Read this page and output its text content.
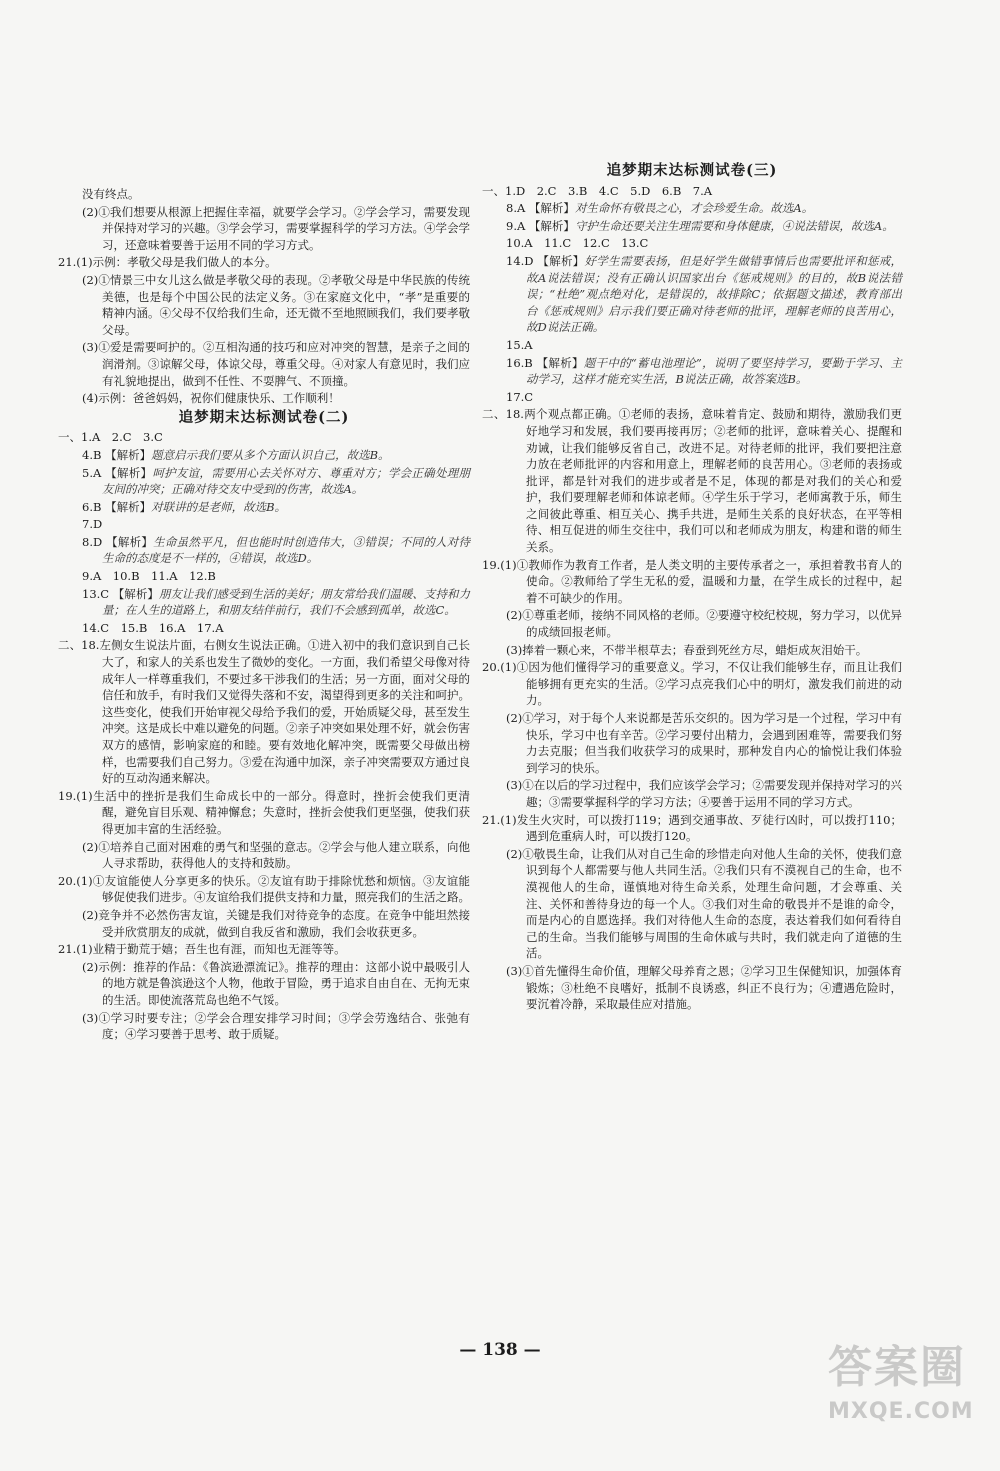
没有终点。

(2)①我们想要从根源上把握住幸福，就要学会学习。②学会学习，需要发现并保持对学习的兴趣。③学会学习，需要掌握科学的学习方法。④学会学习，还意味着要善于运用不同的学习方式。

21.(1)示例：孝敬父母是我们做人的本分。

(2)①情景三中女儿这么做是孝敬父母的表现。②孝敬父母是中华民族的传统美德，也是每个中国公民的法定义务。③在家庭文化中，“孝”是重要的精神内涵。④父母不仅给我们生命，还无微不至地照顾我们，我们要孝敬父母。

(3)①爱是需要呵护的。②互相沟通的技巧和应对冲突的智慧，是亲子之间的润滑剂。③谅解父母，体谅父母，尊重父母。④对家人有意见时，我们应有礼貌地提出，做到不任性、不耍脾气、不顶撞。

(4)示例：爸爸妈妈，祝你们健康快乐、工作顺利！

追梦期末达标测试卷(二)

一、1.A　2.C　3.C

4.B 【解析】题意启示我们要从多个方面认识自己，故选B。

5.A 【解析】呵护友谊，需要用心去关怀对方、尊重对方；学会正确处理朋友间的冲突；正确对待交友中受到的伤害，故选A。

6.B 【解析】对联讲的是老师，故选B。

7.D

8.D 【解析】生命虽然平凡，但也能时时创造伟大，③错误；不同的人对待生命的态度是不一样的，④错误，故选D。

9.A　10.B　11.A　12.B

13.C 【解析】朋友让我们感受到生活的美好；朋友常给我们温暖、支持和力量；在人生的道路上，和朋友结伴前行，我们不会感到孤单，故选C。

14.C　15.B　16.A　17.A

二、18.左侧女生说法片面，右侧女生说法正确。①进入初中的我们意识到自己长大了，和家人的关系也发生了微妙的变化。一方面，我们希望父母像对待成年人一样尊重我们，不要过多干涉我们的生活；另一方面，面对父母的信任和放手，有时我们又觉得失落和不安，渴望得到更多的关注和呵护。这些变化，使我们开始审视父母给予我们的爱，开始质疑父母，甚至发生冲突。这是成长中难以避免的问题。②亲子冲突如果处理不好，就会伤害双方的感情，影响家庭的和睦。要有效地化解冲突，既需要父母做出榜样，也需要我们自己努力。③爱在沟通中加深，亲子冲突需要双方通过良好的互动沟通来解决。

19.(1)生活中的挫折是我们生命成长中的一部分。得意时，挫折会使我们更清醒，避免盲目乐观、精神懈怠；失意时，挫折会使我们更坚强，使我们获得更加丰富的生活经验。

(2)①培养自己面对困难的勇气和坚强的意志。②学会与他人建立联系，向他人寻求帮助，获得他人的支持和鼓励。

20.(1)①友谊能使人分享更多的快乐。②友谊有助于排除忧愁和烦恼。③友谊能够促使我们进步。④友谊给我们提供支持和力量，照亮我们的生活之路。

(2)竞争并不必然伤害友谊，关键是我们对待竞争的态度。在竞争中能坦然接受并欣赏朋友的成就，做到自我反省和激励，我们会收获更多。

21.(1)业精于勤荒于嬉；吾生也有涯，而知也无涯等等。

(2)示例：推荐的作品：《鲁滨逊漂流记》。推荐的理由：这部小说中最吸引人的地方就是鲁滨逊这个人物，他敢于冒险，勇于追求自由自在、无拘无束的生活。即使流落荒岛也绝不气馁。

(3)①学习时要专注；②学会合理安排学习时间；③学会劳逸结合、张弛有度；④学习要善于思考、敢于质疑。

追梦期末达标测试卷(三)

一、1.D　2.C　3.B　4.C　5.D　6.B　7.A

8.A 【解析】对生命怀有敬畏之心，才会珍爱生命。故选A。

9.A 【解析】守护生命还要关注生理需要和身体健康，④说法错误，故选A。

10.A　11.C　12.C　13.C

14.D 【解析】好学生需要表扬，但是好学生做错事情后也需要批评和惩戒，故A说法错误；没有正确认识国家出台《惩戒规则》的目的，故B说法错误；“杜绝”观点绝对化，是错误的，故排除C；依据题文描述，教育部出台《惩戒规则》启示我们要正确对待老师的批评，理解老师的良苦用心，故D说法正确。

15.A

16.B 【解析】题干中的“蓄电池理论”，说明了要坚持学习，要勤于学习、主动学习，这样才能充实生活，B说法正确，故答案选B。

17.C

二、18.两个观点都正确。①老师的表扬，意味着肯定、鼓励和期待，激励我们更好地学习和发展，我们要再接再厉；②老师的批评，意味着关心、提醒和劝诫，让我们能够反省自己，改进不足。对待老师的批评，我们要把注意力放在老师批评的内容和用意上，理解老师的良苦用心。③老师的表扬或批评，都是针对我们的进步或者是不足，体现的都是对我们的关心和爱护，我们要理解老师和体谅老师。④学生乐于学习，老师寓教于乐，师生之间彼此尊重、相互关心、携手共进，是师生关系的良好状态，在平等相待、相互促进的师生交往中，我们可以和老师成为朋友，构建和谐的师生关系。

19.(1)①教师作为教育工作者，是人类文明的主要传承者之一，承担着教书育人的使命。②教师给了学生无私的爱，温暖和力量，在学生成长的过程中，起着不可缺少的作用。

(2)①尊重老师，接纳不同风格的老师。②要遵守校纪校规，努力学习，以优异的成绩回报老师。

(3)捧着一颗心来，不带半根草去；春蚕到死丝方尽，蜡炬成灰泪始干。

20.(1)①因为他们懂得学习的重要意义。学习，不仅让我们能够生存，而且让我们能够拥有更充实的生活。②学习点亮我们心中的明灯，激发我们前进的动力。

(2)①学习，对于每个人来说都是苦乐交织的。因为学习是一个过程，学习中有快乐，学习中也有辛苦。②学习要付出精力，会遇到困难等，需要我们努力去克服；但当我们收获学习的成果时，那种发自内心的愉悦让我们体验到学习的快乐。

(3)①在以后的学习过程中，我们应该学会学习；②需要发现并保持对学习的兴趣；③需要掌握科学的学习方法；④要善于运用不同的学习方式。

21.(1)发生火灾时，可以拨打119；遇到交通事故、歹徒行凶时，可以拨打110；遇到危重病人时，可以拨打120。

(2)①敬畏生命，让我们从对自己生命的珍惜走向对他人生命的关怀，使我们意识到每个人都需要与他人共同生活。②我们只有不漠视自己的生命，也不漠视他人的生命，谨慎地对待生命关系，处理生命问题，才会尊重、关注、关怀和善待身边的每一个人。③我们对生命的敬畏并不是谁的命令，而是内心的自愿选择。我们对待他人生命的态度，表达着我们如何看待自己的生命。当我们能够与周围的生命休戚与共时，我们就走向了道德的生活。

(3)①首先懂得生命价值，理解父母养育之恩；②学习卫生保健知识，加强体育锻炼；③杜绝不良嗜好，抵制不良诱惑，纠正不良行为；④遭遇危险时，要沉着冷静，采取最佳应对措施。

— 138 —	答案圈
MXQE.COM
